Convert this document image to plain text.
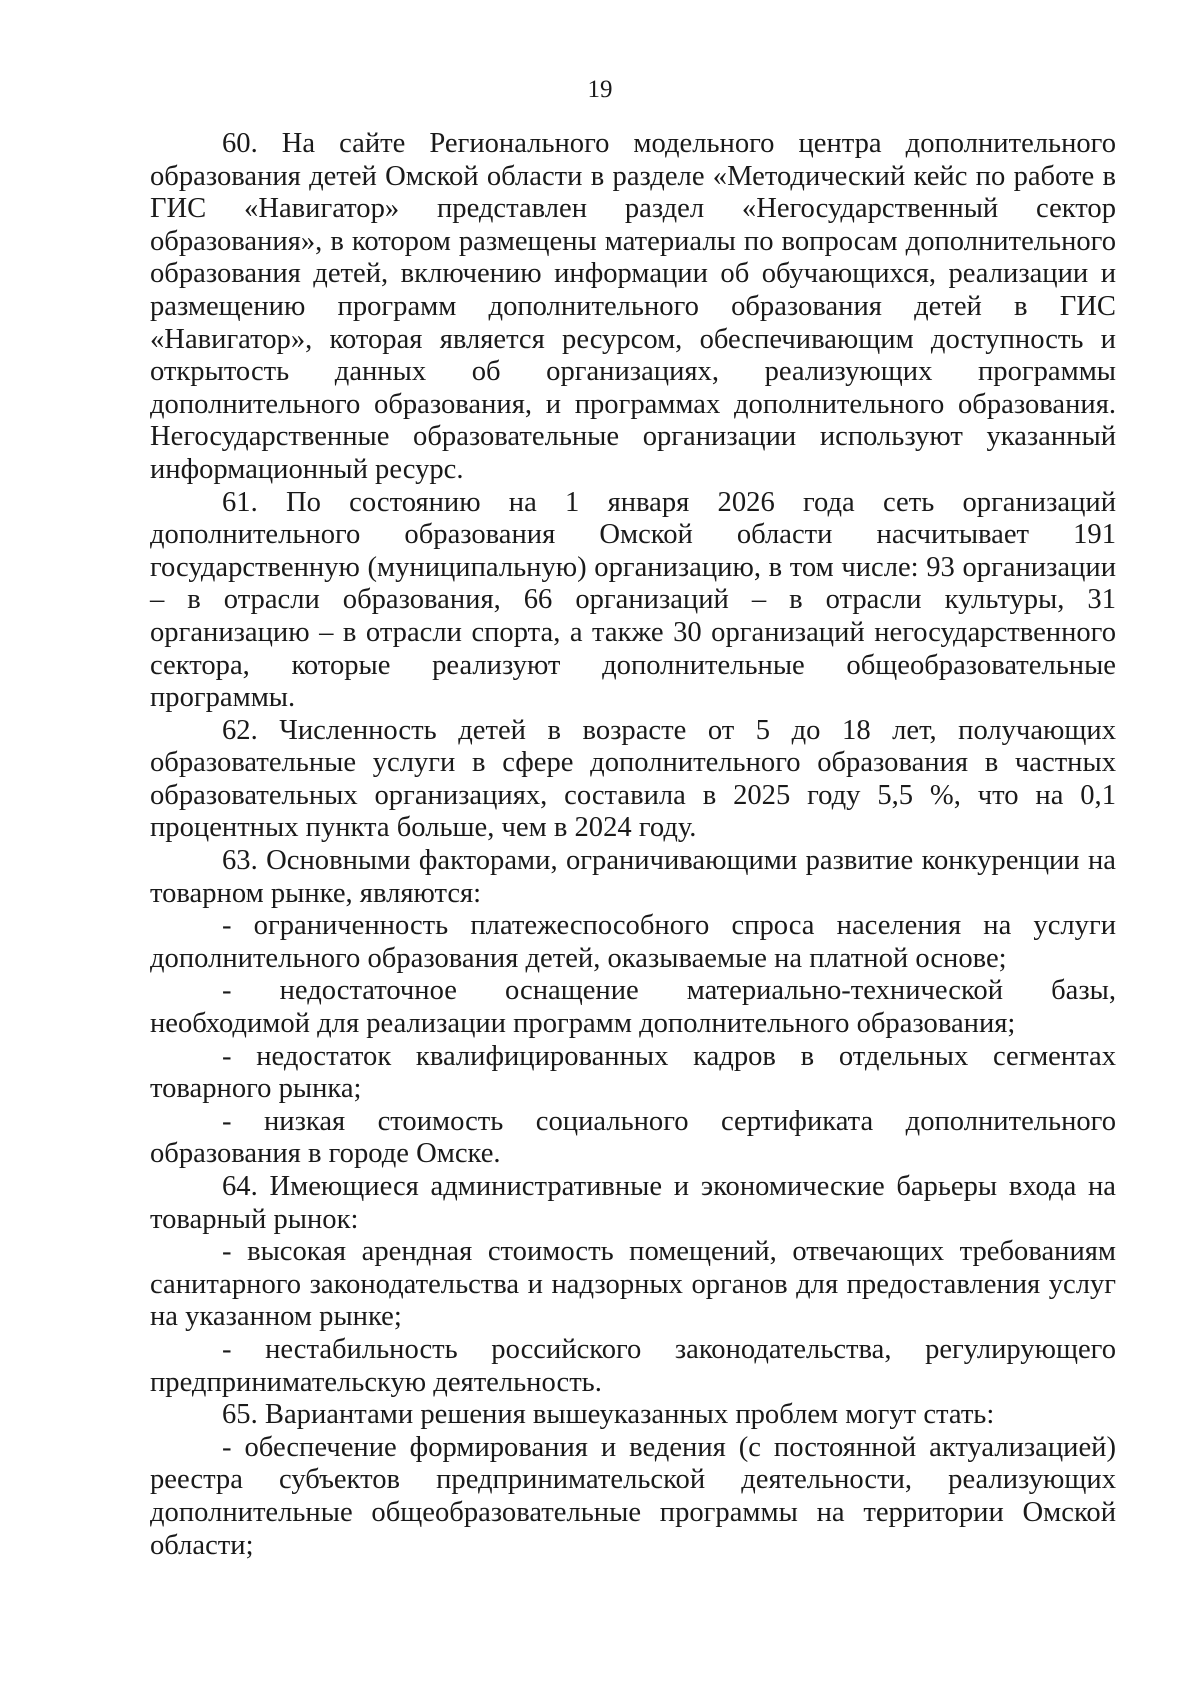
19

60. На сайте Регионального модельного центра дополнительного образования детей Омской области в разделе «Методический кейс по работе в ГИС «Навигатор» представлен раздел «Негосударственный сектор образования», в котором размещены материалы по вопросам дополнительного образования детей, включению информации об обучающихся, реализации и размещению программ дополнительного образования детей в ГИС «Навигатор», которая является ресурсом, обеспечивающим доступность и открытость данных об организациях, реализующих программы дополнительного образования, и программах дополнительного образования. Негосударственные образовательные организации используют указанный информационный ресурс.

61. По состоянию на 1 января 2026 года сеть организаций дополнительного образования Омской области насчитывает 191 государственную (муниципальную) организацию, в том числе: 93 организации – в отрасли образования, 66 организаций – в отрасли культуры, 31 организацию – в отрасли спорта, а также 30 организаций негосударственного сектора, которые реализуют дополнительные общеобразовательные программы.

62. Численность детей в возрасте от 5 до 18 лет, получающих образовательные услуги в сфере дополнительного образования в частных образовательных организациях, составила в 2025 году 5,5 %, что на 0,1 процентных пункта больше, чем в 2024 году.

63. Основными факторами, ограничивающими развитие конкуренции на товарном рынке, являются:

- ограниченность платежеспособного спроса населения на услуги дополнительного образования детей, оказываемые на платной основе;

- недостаточное оснащение материально-технической базы, необходимой для реализации программ дополнительного образования;

- недостаток квалифицированных кадров в отдельных сегментах товарного рынка;

- низкая стоимость социального сертификата дополнительного образования в городе Омске.

64. Имеющиеся административные и экономические барьеры входа на товарный рынок:

- высокая арендная стоимость помещений, отвечающих требованиям санитарного законодательства и надзорных органов для предоставления услуг на указанном рынке;

- нестабильность российского законодательства, регулирующего предпринимательскую деятельность.

65. Вариантами решения вышеуказанных проблем могут стать:

- обеспечение формирования и ведения (с постоянной актуализацией) реестра субъектов предпринимательской деятельности, реализующих дополнительные общеобразовательные программы на территории Омской области;
